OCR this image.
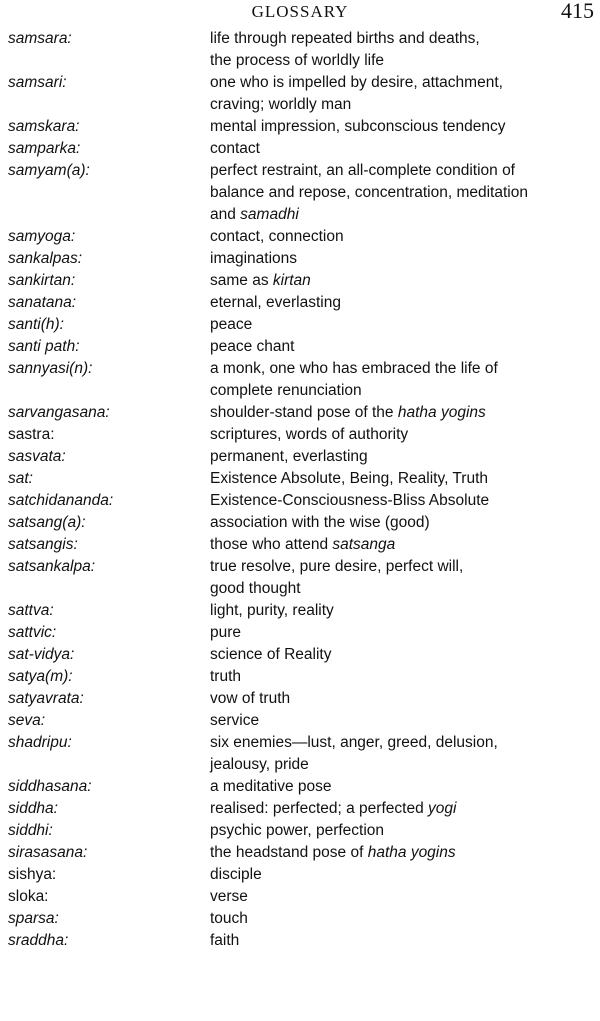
GLOSSARY	415
samsara:	life through repeated births and deaths,
the process of worldly life
samsari:	one who is impelled by desire, attachment,
craving; worldly man
samskara:	mental impression, subconscious tendency
samparka:	contact
samyam(a):	perfect restraint, an all-complete condition of
balance and repose, concentration, meditation
and samadhi
samyoga:	contact, connection
sankalpas:	imaginations
sankirtan:	same as kirtan
sanatana:	eternal, everlasting
santi(h):	peace
santi path:	peace chant
sannyasi(n):	a monk, one who has embraced the life of
complete renunciation
sarvangasana:	shoulder-stand pose of the hatha yogins
sastra:	scriptures, words of authority
sasvata:	permanent, everlasting
sat:	Existence Absolute, Being, Reality, Truth
satchidananda:	Existence-Consciousness-Bliss Absolute
satsang(a):	association with the wise (good)
satsangis:	those who attend satsanga
satsankalpa:	true resolve, pure desire, perfect will,
good thought
sattva:	light, purity, reality
sattvic:	pure
sat-vidya:	science of Reality
satya(m):	truth
satyavrata:	vow of truth
seva:	service
shadripu:	six enemies—lust, anger, greed, delusion,
jealousy, pride
siddhasana:	a meditative pose
siddha:	realised: perfected; a perfected yogi
siddhi:	psychic power, perfection
sirasasana:	the headstand pose of hatha yogins
sishya:	disciple
sloka:	verse
sparsa:	touch
sraddha:	faith
